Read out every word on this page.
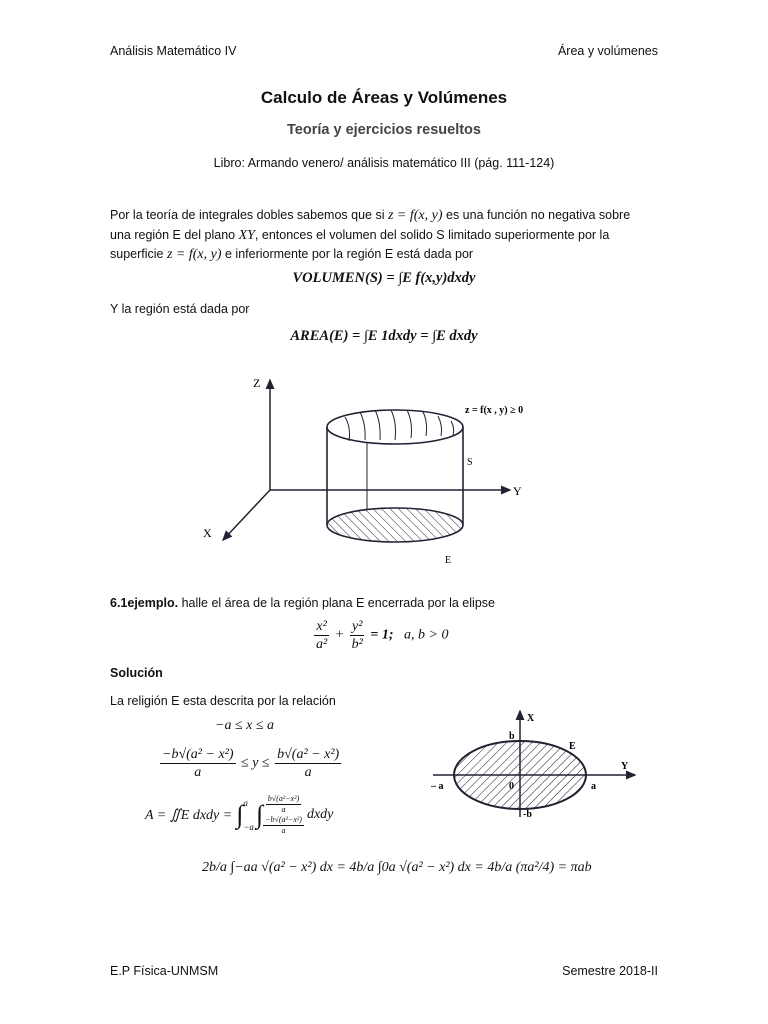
Análisis Matemático IV	Área y volúmenes
Calculo de Áreas y Volúmenes
Teoría y ejercicios resueltos
Libro: Armando venero/ análisis matemático III (pág. 111-124)
Por la teoría de integrales dobles sabemos que si z = f(x, y) es una función no negativa sobre
una región E del plano XY, entonces el volumen del solido S limitado superiormente por la
superficie z = f(x, y) e inferiormente por la región E está dada por
VOLUMEN(S) = ∫E f(x,y)dxdy
Y la región está dada por
AREA(E) = ∫E 1dxdy = ∫E dxdy
Z
Y
X
z = f(x , y) ≥ 0
S
E
6.1ejemplo. halle el área de la región plana E encerrada por la elipse
$\frac{\text{x²}}{\text{a²}} + \frac{\text{y²}}{\text{b²}} = 1$; a, b > 0
Solución
La religión E esta descrita por la relación
−a ≤ x ≤ a
$\frac{\text{−b√(a² − x²)}}{a} \le y \le \frac{\text{b√(a² − x²)}}{a}$
A = ∬E dxdy = ∫ a
−a ∫ $\frac{\text{b√(a²−x²)}}{a}$
$\frac{\text{−b√(a²−x²)}}{a}$
dxdy
2b/a ∫−aa √(a² − x²) dx = 4b/a ∫0a √(a² − x²) dx = 4b/a (πa²/4) = πab
X
Y
b
-b
– a	a
0
E
E.P Física-UNMSM	Semestre 2018-II
